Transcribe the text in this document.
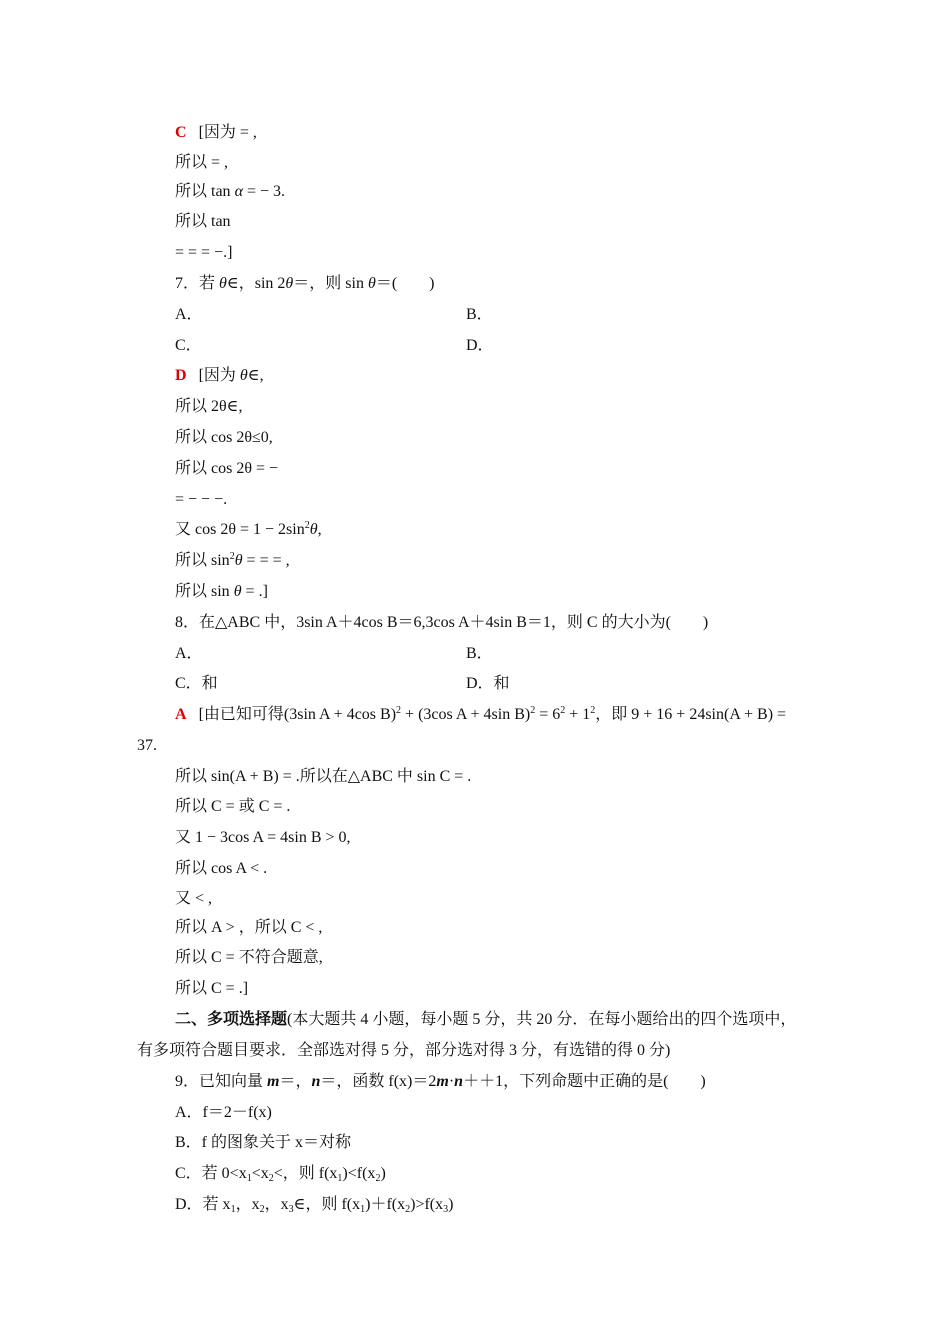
C [因为 = ,
所以 = ,
所以 tan α = − 3.
所以 tan
= = = −.]
7．若 θ∈，sin 2θ＝，则 sin θ＝(　　)
A．	B．
C．	D．
D [因为 θ∈,
所以 2θ∈,
所以 cos 2θ≤0,
所以 cos 2θ = −
= − − −.
又 $\cos 2\theta = 1 - 2\sin^2\theta$,
所以 $\sin^2\theta$ = = = ,
所以 sin θ = .]
8．在△ABC 中，3sin A＋4cos B＝6,3cos A＋4sin B＝1，则 C 的大小为(　　)
A．	B．
C．和	D．和
A [由已知可得(3sin A + 4cos B)$^2$ + (3cos A + 4sin $B)^2 = 6^2 + 1^2$，即 9 + 16 + 24sin(A + B) =
37.
所以 sin(A + B) = .所以在△ABC 中 sin C = .
所以 C = 或 C = .
又 1 − 3cos A = 4sin B > 0,
所以 cos A < .
又 < ,
所以 A > ，所以 C < ,
所以 C = 不符合题意,
所以 C = .]
二、多项选择题(本大题共 4 小题，每小题 5 分，共 20 分．在每小题给出的四个选项中，
有多项符合题目要求．全部选对得 5 分，部分选对得 3 分，有选错的得 0 分)
9．已知向量 m＝，n＝，函数 f(x)＝2m·n＋＋1，下列命题中正确的是(　　)
A．f＝2－f(x)
B．f 的图象关于 x＝对称
C．若 $0<x_1<x_2<$，则 $f(x_1)<f(x_2)$
D．若 $x_1$，$x_2$，$x_3\in$，则 $f(x_1)+f(x_2)>f(x_3)$
